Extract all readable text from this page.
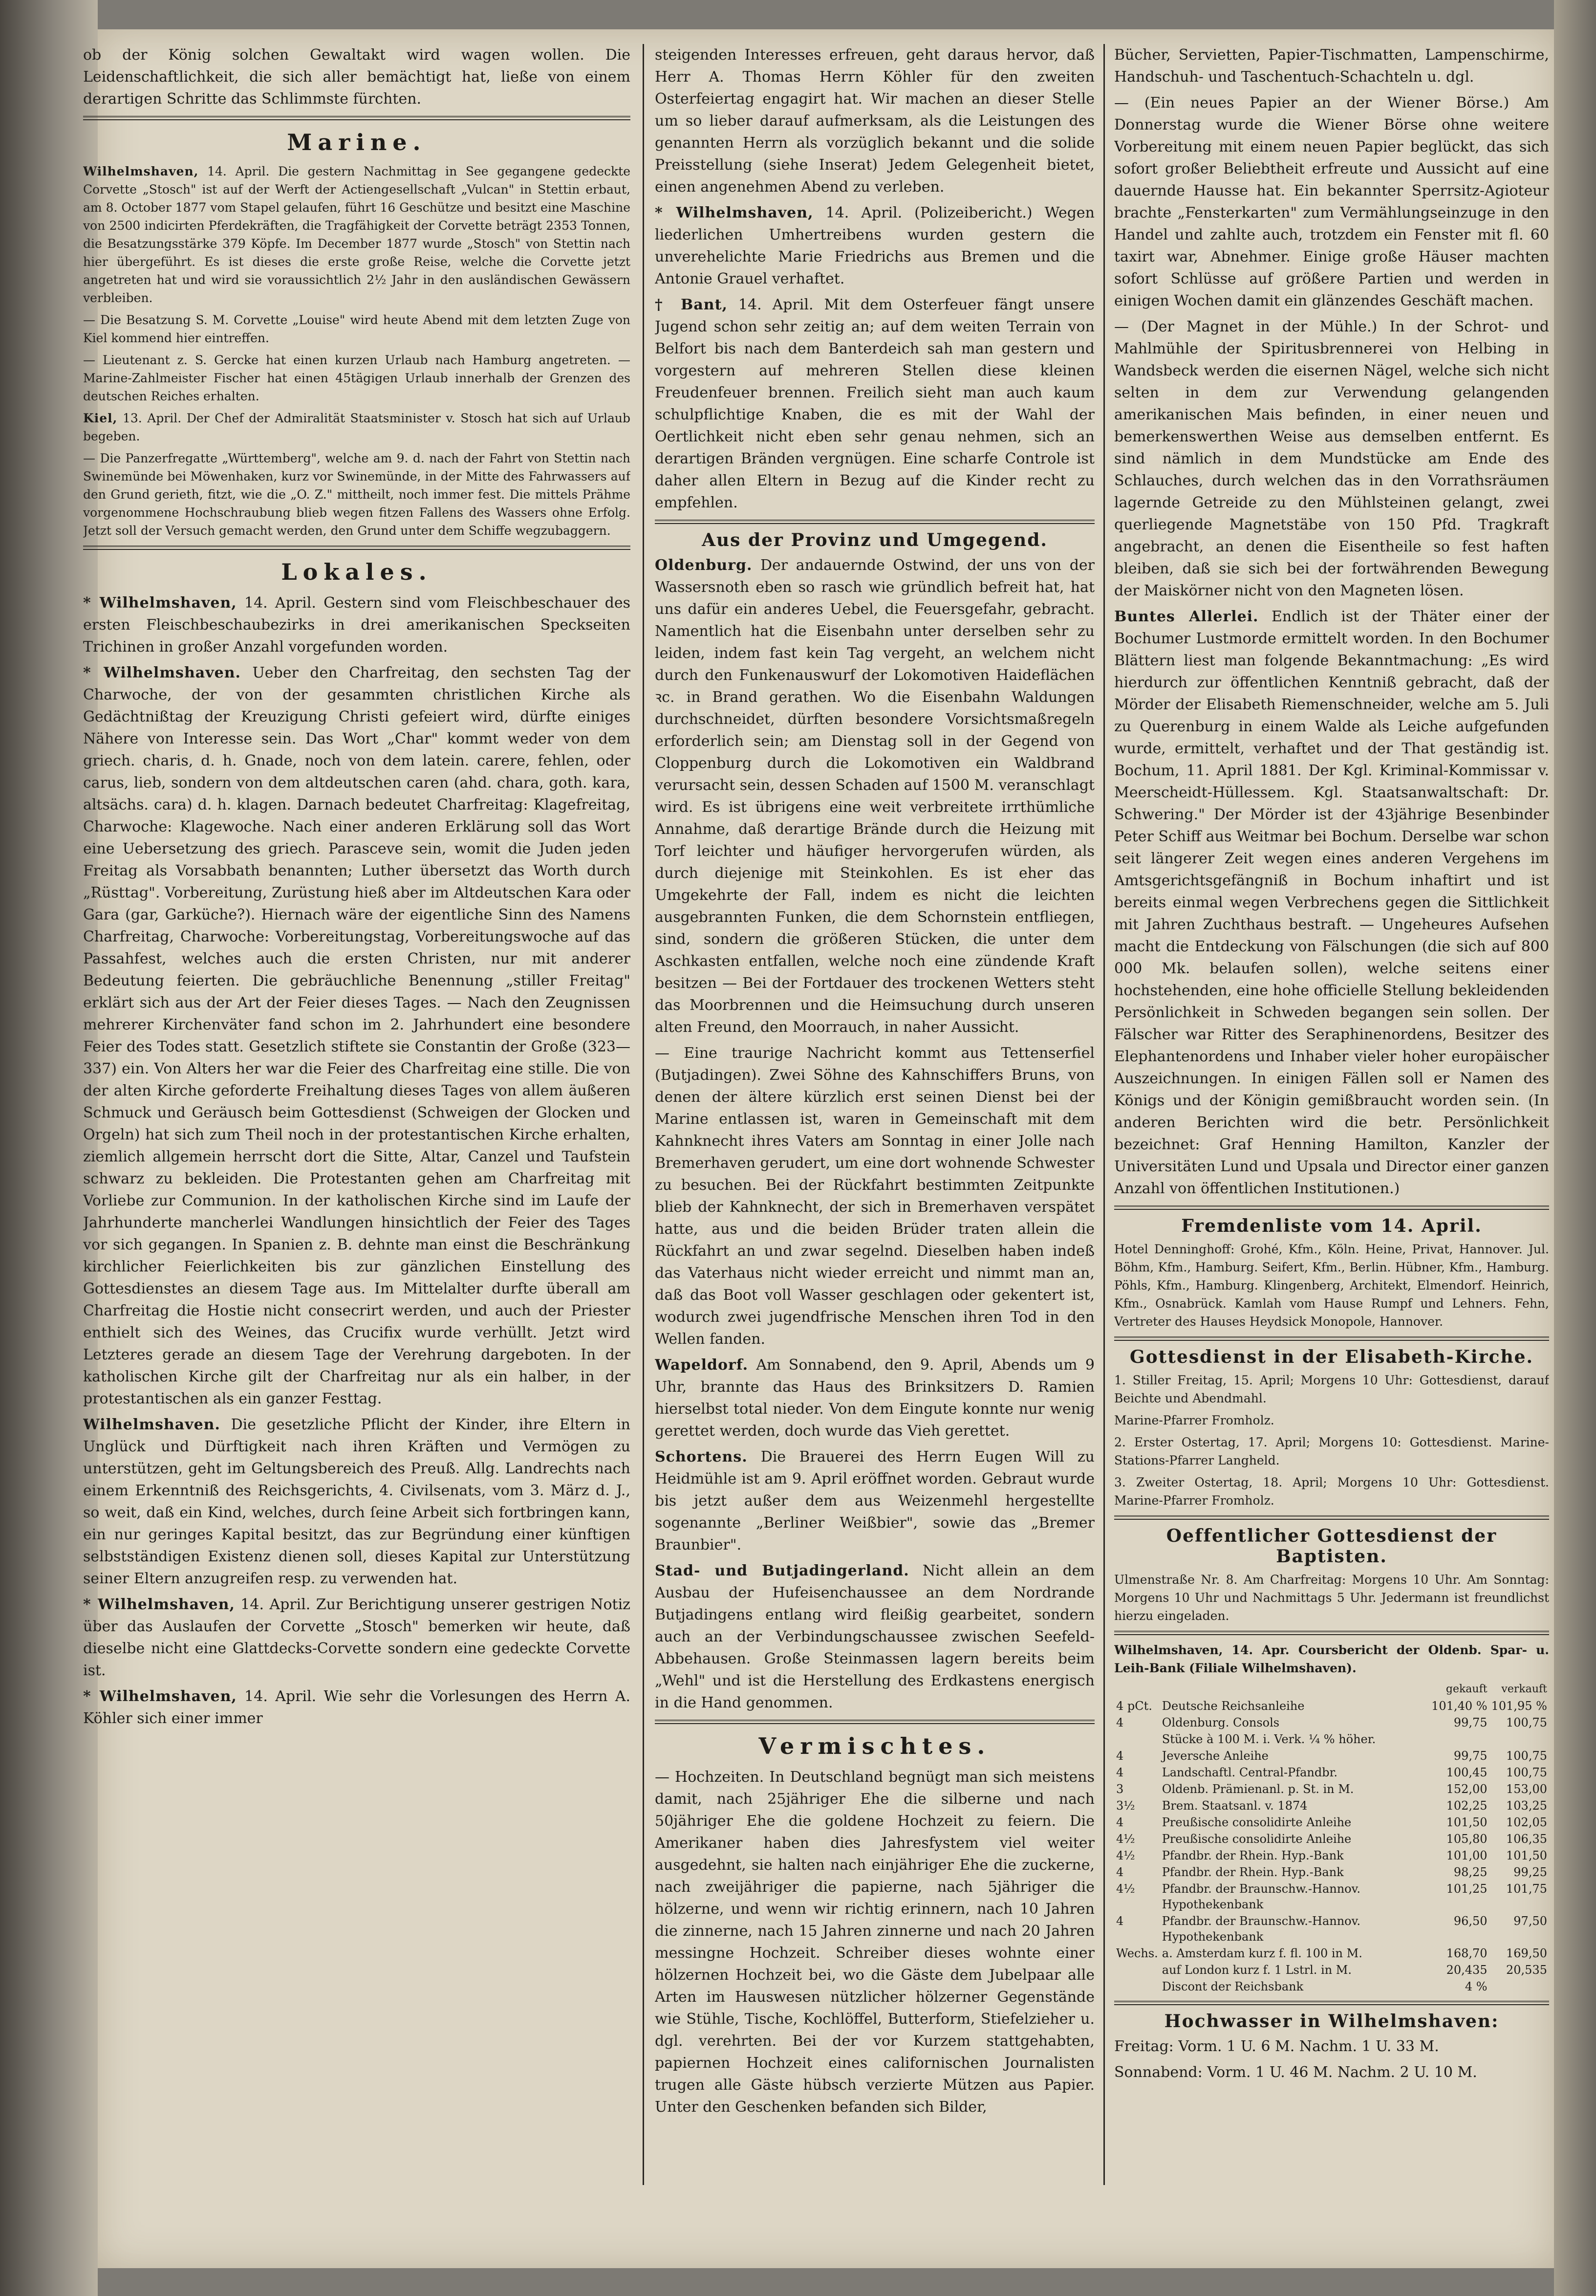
ob der König solchen Gewaltakt wird wagen wollen. Die Leidenschaftlichkeit, die sich aller bemächtigt hat, ließe von einem derartigen Schritte das Schlimmste fürchten.

Marine.

Wilhelmshaven, 14. April. Die gestern Nachmittag in See gegangene gedeckte Corvette „Stosch" ist auf der Werft der Actiengesellschaft „Vulcan" in Stettin erbaut, am 8. October 1877 vom Stapel gelaufen, führt 16 Geschütze und besitzt eine Maschine von 2500 indicirten Pferdekräften, die Tragfähigkeit der Corvette beträgt 2353 Tonnen, die Besatzungsstärke 379 Köpfe. Im December 1877 wurde „Stosch" von Stettin nach hier übergeführt. Es ist dieses die erste große Reise, welche die Corvette jetzt angetreten hat und wird sie voraussichtlich 2½ Jahr in den ausländischen Gewässern verbleiben.

— Die Besatzung S. M. Corvette „Louise" wird heute Abend mit dem letzten Zuge von Kiel kommend hier eintreffen.

— Lieutenant z. S. Gercke hat einen kurzen Urlaub nach Hamburg angetreten. — Marine-Zahlmeister Fischer hat einen 45tägigen Urlaub innerhalb der Grenzen des deutschen Reiches erhalten.

Kiel, 13. April. Der Chef der Admiralität Staatsminister v. Stosch hat sich auf Urlaub begeben.

— Die Panzerfregatte „Württemberg", welche am 9. d. nach der Fahrt von Stettin nach Swinemünde bei Möwenhaken, kurz vor Swinemünde, in der Mitte des Fahrwassers auf den Grund gerieth, fitzt, wie die „O. Z." mittheilt, noch immer fest. Die mittels Prähme vorgenommene Hochschraubung blieb wegen fitzen Fallens des Wassers ohne Erfolg. Jetzt soll der Versuch gemacht werden, den Grund unter dem Schiffe wegzubaggern.

Lokales.

* Wilhelmshaven, 14. April. Gestern sind vom Fleischbeschauer des ersten Fleischbeschaubezirks in drei amerikanischen Speckseiten Trichinen in großer Anzahl vorgefunden worden.

* Wilhelmshaven. Ueber den Charfreitag, den sechsten Tag der Charwoche, der von der gesammten christlichen Kirche als Gedächtnißtag der Kreuzigung Christi gefeiert wird, dürfte einiges Nähere von Interesse sein. Das Wort „Char" kommt weder von dem griech. charis, d. h. Gnade, noch von dem latein. carere, fehlen, oder carus, lieb, sondern von dem altdeutschen caren (ahd. chara, goth. kara, altsächs. cara) d. h. klagen. Darnach bedeutet Charfreitag: Klagefreitag, Charwoche: Klagewoche. Nach einer anderen Erklärung soll das Wort eine Uebersetzung des griech. Parasceve sein, womit die Juden jeden Freitag als Vorsabbath benannten; Luther übersetzt das Worth durch „Rüsttag". Vorbereitung, Zurüstung hieß aber im Altdeutschen Kara oder Gara (gar, Garküche?). Hiernach wäre der eigentliche Sinn des Namens Charfreitag, Charwoche: Vorbereitungstag, Vorbereitungswoche auf das Passahfest, welches auch die ersten Christen, nur mit anderer Bedeutung feierten. Die gebräuchliche Benennung „stiller Freitag" erklärt sich aus der Art der Feier dieses Tages. — Nach den Zeugnissen mehrerer Kirchenväter fand schon im 2. Jahrhundert eine besondere Feier des Todes statt. Gesetzlich stiftete sie Constantin der Große (323—337) ein. Von Alters her war die Feier des Charfreitag eine stille. Die von der alten Kirche geforderte Freihaltung dieses Tages von allem äußeren Schmuck und Geräusch beim Gottesdienst (Schweigen der Glocken und Orgeln) hat sich zum Theil noch in der protestantischen Kirche erhalten, ziemlich allgemein herrscht dort die Sitte, Altar, Canzel und Taufstein schwarz zu bekleiden. Die Protestanten gehen am Charfreitag mit Vorliebe zur Communion. In der katholischen Kirche sind im Laufe der Jahrhunderte mancherlei Wandlungen hinsichtlich der Feier des Tages vor sich gegangen. In Spanien z. B. dehnte man einst die Beschränkung kirchlicher Feierlichkeiten bis zur gänzlichen Einstellung des Gottesdienstes an diesem Tage aus. Im Mittelalter durfte überall am Charfreitag die Hostie nicht consecrirt werden, und auch der Priester enthielt sich des Weines, das Crucifix wurde verhüllt. Jetzt wird Letzteres gerade an diesem Tage der Verehrung dargeboten. In der katholischen Kirche gilt der Charfreitag nur als ein halber, in der protestantischen als ein ganzer Festtag.

Wilhelmshaven. Die gesetzliche Pflicht der Kinder, ihre Eltern in Unglück und Dürftigkeit nach ihren Kräften und Vermögen zu unterstützen, geht im Geltungsbereich des Preuß. Allg. Landrechts nach einem Erkenntniß des Reichsgerichts, 4. Civilsenats, vom 3. März d. J., so weit, daß ein Kind, welches, durch ſeine Arbeit sich fortbringen kann, ein nur geringes Kapital besitzt, das zur Begründung einer künftigen selbstständigen Existenz dienen soll, dieses Kapital zur Unterstützung seiner Eltern anzugreifen resp. zu verwenden hat.

* Wilhelmshaven, 14. April. Zur Berichtigung unserer gestrigen Notiz über das Auslaufen der Corvette „Stosch" bemerken wir heute, daß dieselbe nicht eine Glattdecks-Corvette sondern eine gedeckte Corvette ist.

* Wilhelmshaven, 14. April. Wie sehr die Vorlesungen des Herrn A. Köhler sich einer immer

steigenden Interesses erfreuen, geht daraus hervor, daß Herr A. Thomas Herrn Köhler für den zweiten Osterfeiertag engagirt hat. Wir machen an dieser Stelle um so lieber darauf aufmerksam, als die Leistungen des genannten Herrn als vorzüglich bekannt und die solide Preisstellung (siehe Inserat) Jedem Gelegenheit bietet, einen angenehmen Abend zu verleben.

* Wilhelmshaven, 14. April. (Polizeibericht.) Wegen liederlichen Umhertreibens wurden gestern die unverehelichte Marie Friedrichs aus Bremen und die Antonie Grauel verhaftet.

† Bant, 14. April. Mit dem Osterfeuer fängt unsere Jugend schon sehr zeitig an; auf dem weiten Terrain von Belfort bis nach dem Banterdeich sah man gestern und vorgestern auf mehreren Stellen diese kleinen Freudenfeuer brennen. Freilich sieht man auch kaum schulpflichtige Knaben, die es mit der Wahl der Oertlichkeit nicht eben sehr genau nehmen, sich an derartigen Bränden vergnügen. Eine scharfe Controle ist daher allen Eltern in Bezug auf die Kinder recht zu empfehlen.

Aus der Provinz und Umgegend.

Oldenburg. Der andauernde Ostwind, der uns von der Wassersnoth eben so rasch wie gründlich befreit hat, hat uns dafür ein anderes Uebel, die Feuersgefahr, gebracht. Namentlich hat die Eisenbahn unter derselben sehr zu leiden, indem fast kein Tag vergeht, an welchem nicht durch den Funkenauswurf der Lokomotiven Haideflächen ꝛc. in Brand gerathen. Wo die Eisenbahn Waldungen durchschneidet, dürften besondere Vorsichtsmaßregeln erforderlich sein; am Dienstag soll in der Gegend von Cloppenburg durch die Lokomotiven ein Waldbrand verursacht sein, dessen Schaden auf 1500 M. veranschlagt wird. Es ist übrigens eine weit verbreitete irrthümliche Annahme, daß derartige Brände durch die Heizung mit Torf leichter und häufiger hervorgerufen würden, als durch diejenige mit Steinkohlen. Es ist eher das Umgekehrte der Fall, indem es nicht die leichten ausgebrannten Funken, die dem Schornstein entfliegen, sind, sondern die größeren Stücken, die unter dem Aschkasten entfallen, welche noch eine zündende Kraft besitzen — Bei der Fortdauer des trockenen Wetters steht das Moorbrennen und die Heimsuchung durch unseren alten Freund, den Moorrauch, in naher Aussicht.

— Eine traurige Nachricht kommt aus Tettenserfiel (Butjadingen). Zwei Söhne des Kahnschiffers Bruns, von denen der ältere kürzlich erst seinen Dienst bei der Marine entlassen ist, waren in Gemeinschaft mit dem Kahnknecht ihres Vaters am Sonntag in einer Jolle nach Bremerhaven gerudert, um eine dort wohnende Schwester zu besuchen. Bei der Rückfahrt bestimmten Zeitpunkte blieb der Kahnknecht, der sich in Bremerhaven verspätet hatte, aus und die beiden Brüder traten allein die Rückfahrt an und zwar segelnd. Dieselben haben indeß das Vaterhaus nicht wieder erreicht und nimmt man an, daß das Boot voll Wasser geschlagen oder gekentert ist, wodurch zwei jugendfrische Menschen ihren Tod in den Wellen fanden.

Wapeldorf. Am Sonnabend, den 9. April, Abends um 9 Uhr, brannte das Haus des Brinksitzers D. Ramien hierselbst total nieder. Von dem Eingute konnte nur wenig gerettet werden, doch wurde das Vieh gerettet.

Schortens. Die Brauerei des Herrn Eugen Will zu Heidmühle ist am 9. April eröffnet worden. Gebraut wurde bis jetzt außer dem aus Weizenmehl hergestellte sogenannte „Berliner Weißbier", sowie das „Bremer Braunbier".

Stad- und Butjadingerland. Nicht allein an dem Ausbau der Hufeisenchaussee an dem Nordrande Butjadingens entlang wird fleißig gearbeitet, sondern auch an der Verbindungschaussee zwischen Seefeld-Abbehausen. Große Steinmassen lagern bereits beim „Wehl" und ist die Herstellung des Erdkastens energisch in die Hand genommen.

Vermischtes.

— Hochzeiten. In Deutschland begnügt man sich meistens damit, nach 25jähriger Ehe die silberne und nach 50jähriger Ehe die goldene Hochzeit zu feiern. Die Amerikaner haben dies Jahresfystem viel weiter ausgedehnt, sie halten nach einjähriger Ehe die zuckerne, nach zweijähriger die papierne, nach 5jähriger die hölzerne, und wenn wir richtig erinnern, nach 10 Jahren die zinnerne, nach 15 Jahren zinnerne und nach 20 Jahren messingne Hochzeit. Schreiber dieses wohnte einer hölzernen Hochzeit bei, wo die Gäste dem Jubelpaar alle Arten im Hauswesen nützlicher hölzerner Gegenstände wie Stühle, Tische, Kochlöffel, Butterform, Stiefelzieher u. dgl. verehrten. Bei der vor Kurzem stattgehabten, papiernen Hochzeit eines californischen Journalisten trugen alle Gäste hübsch verzierte Mützen aus Papier. Unter den Geschenken befanden sich Bilder,

Bücher, Servietten, Papier-Tischmatten, Lampenschirme, Handschuh- und Taschentuch-Schachteln u. dgl.

— (Ein neues Papier an der Wiener Börse.) Am Donnerstag wurde die Wiener Börse ohne weitere Vorbereitung mit einem neuen Papier beglückt, das sich sofort großer Beliebtheit erfreute und Aussicht auf eine dauernde Hausse hat. Ein bekannter Sperrsitz-Agioteur brachte „Fensterkarten" zum Vermählungseinzuge in den Handel und zahlte auch, trotzdem ein Fenster mit fl. 60 taxirt war, Abnehmer. Einige große Häuser machten sofort Schlüsse auf größere Partien und werden in einigen Wochen damit ein glänzendes Geschäft machen.

— (Der Magnet in der Mühle.) In der Schrot- und Mahlmühle der Spiritusbrennerei von Helbing in Wandsbeck werden die eisernen Nägel, welche sich nicht selten in dem zur Verwendung gelangenden amerikanischen Mais befinden, in einer neuen und bemerkenswerthen Weise aus demselben entfernt. Es sind nämlich in dem Mundstücke am Ende des Schlauches, durch welchen das in den Vorrathsräumen lagernde Getreide zu den Mühlsteinen gelangt, zwei querliegende Magnetstäbe von 150 Pfd. Tragkraft angebracht, an denen die Eisentheile so fest haften bleiben, daß sie sich bei der fortwährenden Bewegung der Maiskörner nicht von den Magneten lösen.

Buntes Allerlei. Endlich ist der Thäter einer der Bochumer Lustmorde ermittelt worden. In den Bochumer Blättern liest man folgende Bekanntmachung: „Es wird hierdurch zur öffentlichen Kenntniß gebracht, daß der Mörder der Elisabeth Riemenschneider, welche am 5. Juli zu Querenburg in einem Walde als Leiche aufgefunden wurde, ermittelt, verhaftet und der That geständig ist. Bochum, 11. April 1881. Der Kgl. Kriminal-Kommissar v. Meerscheidt-Hüllessem. Kgl. Staatsanwaltschaft: Dr. Schwering." Der Mörder ist der 43jährige Besenbinder Peter Schiff aus Weitmar bei Bochum. Derselbe war schon seit längerer Zeit wegen eines anderen Vergehens im Amtsgerichtsgefängniß in Bochum inhaftirt und ist bereits einmal wegen Verbrechens gegen die Sittlichkeit mit Jahren Zuchthaus bestraft. — Ungeheures Aufsehen macht die Entdeckung von Fälschungen (die sich auf 800 000 Mk. belaufen sollen), welche seitens einer hochstehenden, eine hohe officielle Stellung bekleidenden Persönlichkeit in Schweden begangen sein sollen. Der Fälscher war Ritter des Seraphinenordens, Besitzer des Elephantenordens und Inhaber vieler hoher europäischer Auszeichnungen. In einigen Fällen soll er Namen des Königs und der Königin gemißbraucht worden sein. (In anderen Berichten wird die betr. Persönlichkeit bezeichnet: Graf Henning Hamilton, Kanzler der Universitäten Lund und Upsala und Director einer ganzen Anzahl von öffentlichen Institutionen.)

Fremdenliste vom 14. April.

Hotel Denninghoff: Grohé, Kfm., Köln. Heine, Privat, Hannover. Jul. Böhm, Kfm., Hamburg. Seifert, Kfm., Berlin. Hübner, Kfm., Hamburg. Pöhls, Kfm., Hamburg. Klingenberg, Architekt, Elmendorf. Heinrich, Kfm., Osnabrück. Kamlah vom Hause Rumpf und Lehners. Fehn, Vertreter des Hauses Heydsick Monopole, Hannover.

Gottesdienst in der Elisabeth-Kirche.

1. Stiller Freitag, 15. April; Morgens 10 Uhr: Gottesdienst, darauf Beichte und Abendmahl.

Marine-Pfarrer Fromholz.

2. Erster Ostertag, 17. April; Morgens 10: Gottesdienst. Marine-Stations-Pfarrer Langheld.

3. Zweiter Ostertag, 18. April; Morgens 10 Uhr: Gottesdienst. Marine-Pfarrer Fromholz.

Oeffentlicher Gottesdienst der Baptisten.

Ulmenstraße Nr. 8. Am Charfreitag: Morgens 10 Uhr. Am Sonntag: Morgens 10 Uhr und Nachmittags 5 Uhr. Jedermann ist freundlichst hierzu eingeladen.

Wilhelmshaven, 14. Apr. Coursbericht der Oldenb. Spar- u. Leih-Bank (Filiale Wilhelmshaven).

		gekauft	verkauft
4 pCt.	Deutsche Reichsanleihe	101,40 %	101,95 %
4	Oldenburg. Consols	99,75	100,75
	Stücke à 100 M. i. Verk. ¼ % höher.		
4	Jeversche Anleihe	99,75	100,75
4	Landschaftl. Central-Pfandbr.	100,45	100,75
3	Oldenb. Prämienanl. p. St. in M.	152,00	153,00
3½	Brem. Staatsanl. v. 1874	102,25	103,25
4	Preußische consolidirte Anleihe	101,50	102,05
4½	Preußische consolidirte Anleihe	105,80	106,35
4½	Pfandbr. der Rhein. Hyp.-Bank	101,00	101,50
4	Pfandbr. der Rhein. Hyp.-Bank	98,25	99,25
4½	Pfandbr. der Braunschw.-Hannov. Hypothekenbank	101,25	101,75
4	Pfandbr. der Braunschw.-Hannov. Hypothekenbank	96,50	97,50
Wechs.	a. Amsterdam kurz f. fl. 100 in M.	168,70	169,50
	auf London kurz f. 1 Lstrl. in M.	20,435	20,535
	Discont der Reichsbank	4 %	
Hochwasser in Wilhelmshaven:

Freitag: Vorm. 1 U. 6 M. Nachm. 1 U. 33 M.

Sonnabend: Vorm. 1 U. 46 M. Nachm. 2 U. 10 M.
